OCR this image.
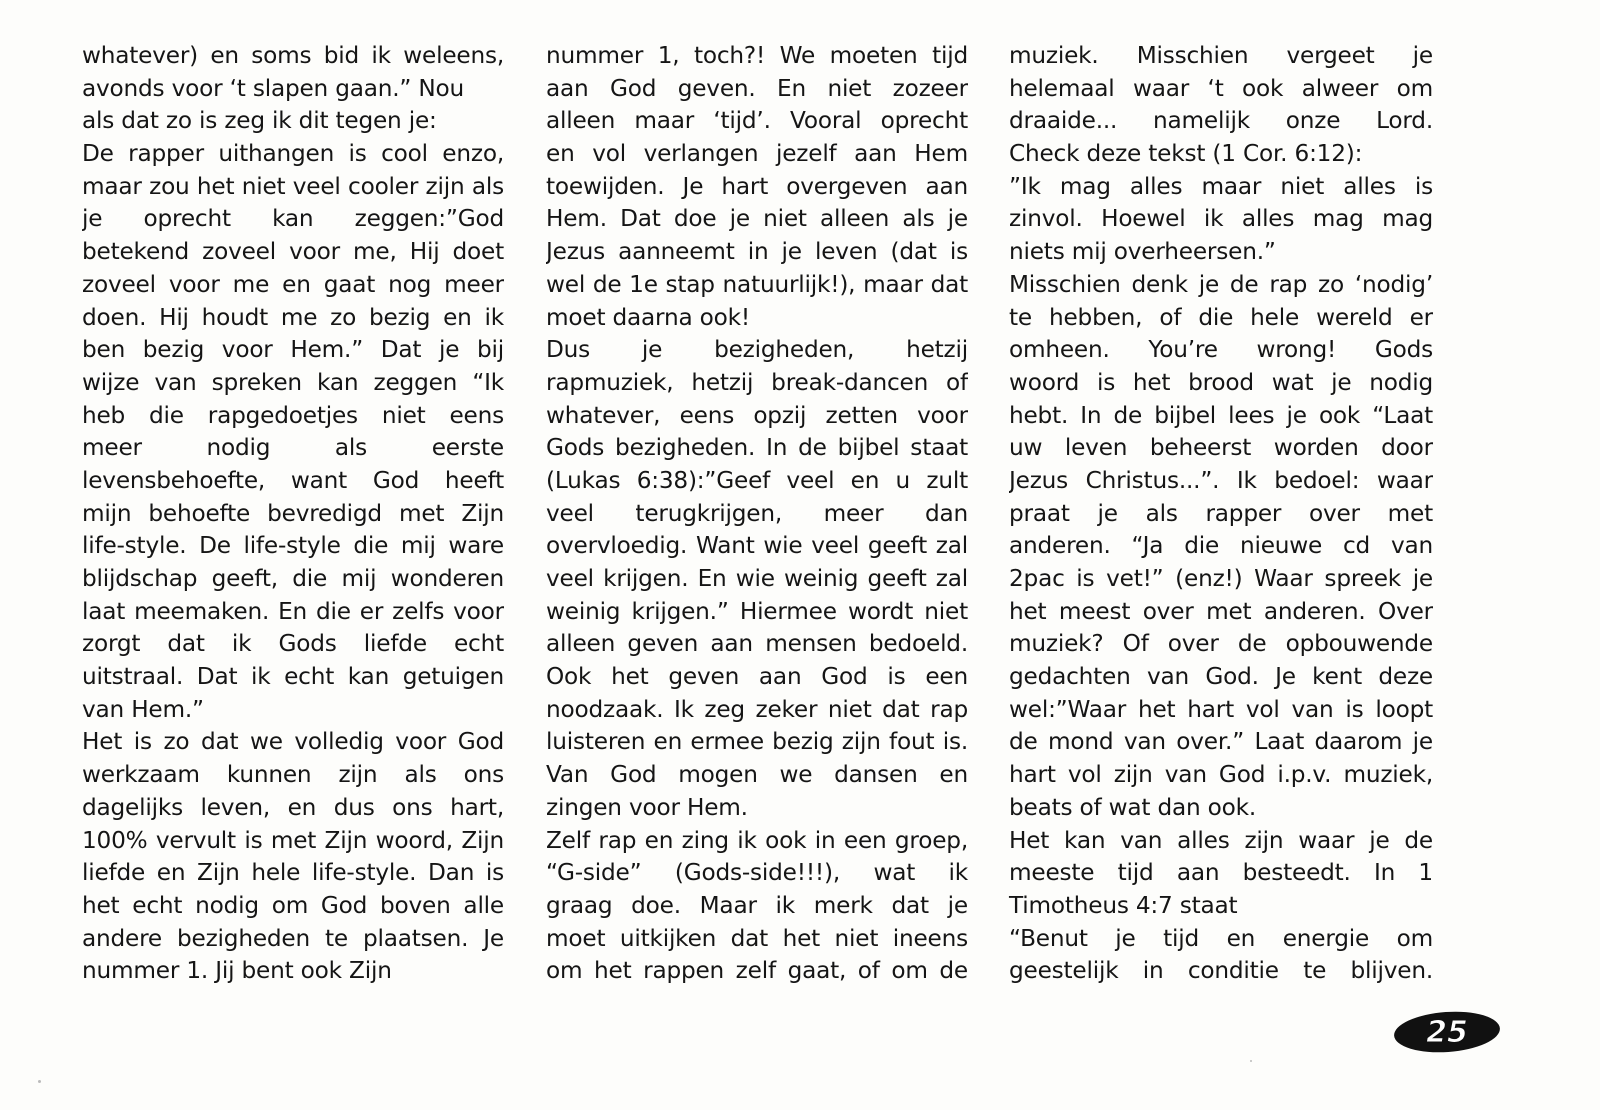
whatever) en soms bid ik weleens,
avonds voor ‘t slapen gaan.” Nou
als dat zo is zeg ik dit tegen je:
De rapper uithangen is cool enzo,
maar zou het niet veel cooler zijn als
je oprecht kan zeggen:”God
betekend zoveel voor me, Hij doet
zoveel voor me en gaat nog meer
doen. Hij houdt me zo bezig en ik
ben bezig voor Hem.” Dat je bij
wijze van spreken kan zeggen “Ik
heb die rapgedoetjes niet eens
meer nodig als eerste
levensbehoefte, want God heeft
mijn behoefte bevredigd met Zijn
life-style. De life-style die mij ware
blijdschap geeft, die mij wonderen
laat meemaken. En die er zelfs voor
zorgt dat ik Gods liefde echt
uitstraal. Dat ik echt kan getuigen
van Hem.”
Het is zo dat we volledig voor God
werkzaam kunnen zijn als ons
dagelijks leven, en dus ons hart,
100% vervult is met Zijn woord, Zijn
liefde en Zijn hele life-style. Dan is
het echt nodig om God boven alle
andere bezigheden te plaatsen. Je
nummer 1. Jij bent ook Zijn
nummer 1, toch?! We moeten tijd
aan God geven. En niet zozeer
alleen maar ‘tijd’. Vooral oprecht
en vol verlangen jezelf aan Hem
toewijden. Je hart overgeven aan
Hem. Dat doe je niet alleen als je
Jezus aanneemt in je leven (dat is
wel de 1e stap natuurlijk!), maar dat
moet daarna ook!
Dus je bezigheden, hetzij
rapmuziek, hetzij break-dancen of
whatever, eens opzij zetten voor
Gods bezigheden. In de bijbel staat
(Lukas 6:38):”Geef veel en u zult
veel terugkrijgen, meer dan
overvloedig. Want wie veel geeft zal
veel krijgen. En wie weinig geeft zal
weinig krijgen.” Hiermee wordt niet
alleen geven aan mensen bedoeld.
Ook het geven aan God is een
noodzaak. Ik zeg zeker niet dat rap
luisteren en ermee bezig zijn fout is.
Van God mogen we dansen en
zingen voor Hem.
Zelf rap en zing ik ook in een groep,
“G-side” (Gods-side!!!), wat ik
graag doe. Maar ik merk dat je
moet uitkijken dat het niet ineens
om het rappen zelf gaat, of om de
muziek. Misschien vergeet je
helemaal waar ‘t ook alweer om
draaide... namelijk onze Lord.
Check deze tekst (1 Cor. 6:12):
”Ik mag alles maar niet alles is
zinvol. Hoewel ik alles mag mag
niets mij overheersen.”
Misschien denk je de rap zo ‘nodig’
te hebben, of die hele wereld er
omheen. You’re wrong! Gods
woord is het brood wat je nodig
hebt. In de bijbel lees je ook “Laat
uw leven beheerst worden door
Jezus Christus...”. Ik bedoel: waar
praat je als rapper over met
anderen. “Ja die nieuwe cd van
2pac is vet!” (enz!) Waar spreek je
het meest over met anderen. Over
muziek? Of over de opbouwende
gedachten van God. Je kent deze
wel:”Waar het hart vol van is loopt
de mond van over.” Laat daarom je
hart vol zijn van God i.p.v. muziek,
beats of wat dan ook.
Het kan van alles zijn waar je de
meeste tijd aan besteedt. In 1
Timotheus 4:7 staat
“Benut je tijd en energie om
geestelijk in conditie te blijven.
25
